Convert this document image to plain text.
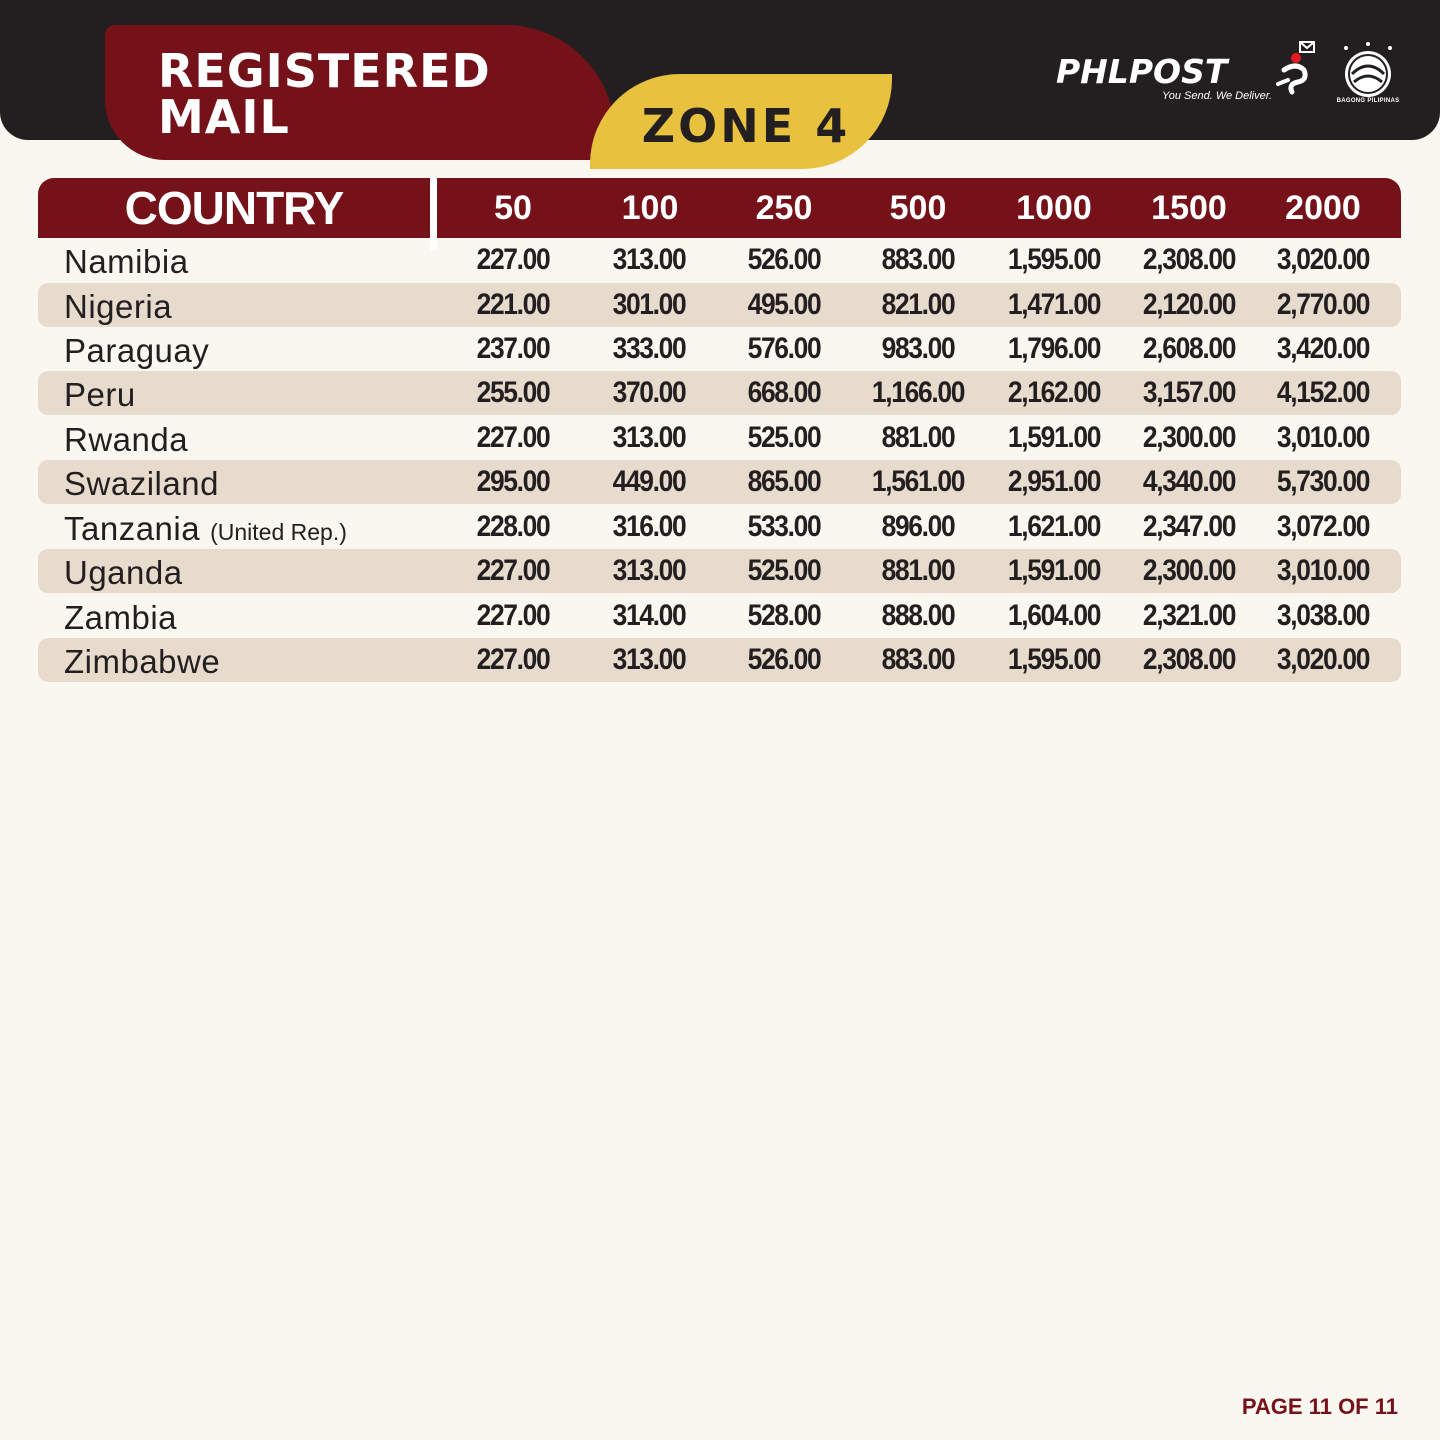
REGISTERED
MAIL	ZONE 4
PHLPOST
You Send. We Deliver.	BAGONG PILIPINAS
COUNTRY	50	100	250	500	1000	1500	2000
Namibia	227.00	313.00	526.00	883.00	1,595.00	2,308.00	3,020.00
Nigeria	221.00	301.00	495.00	821.00	1,471.00	2,120.00	2,770.00
Paraguay	237.00	333.00	576.00	983.00	1,796.00	2,608.00	3,420.00
Peru	255.00	370.00	668.00	1,166.00	2,162.00	3,157.00	4,152.00
Rwanda	227.00	313.00	525.00	881.00	1,591.00	2,300.00	3,010.00
Swaziland	295.00	449.00	865.00	1,561.00	2,951.00	4,340.00	5,730.00
Tanzania (United Rep.)	228.00	316.00	533.00	896.00	1,621.00	2,347.00	3,072.00
Uganda	227.00	313.00	525.00	881.00	1,591.00	2,300.00	3,010.00
Zambia	227.00	314.00	528.00	888.00	1,604.00	2,321.00	3,038.00
Zimbabwe	227.00	313.00	526.00	883.00	1,595.00	2,308.00	3,020.00
PAGE 11 OF 11
